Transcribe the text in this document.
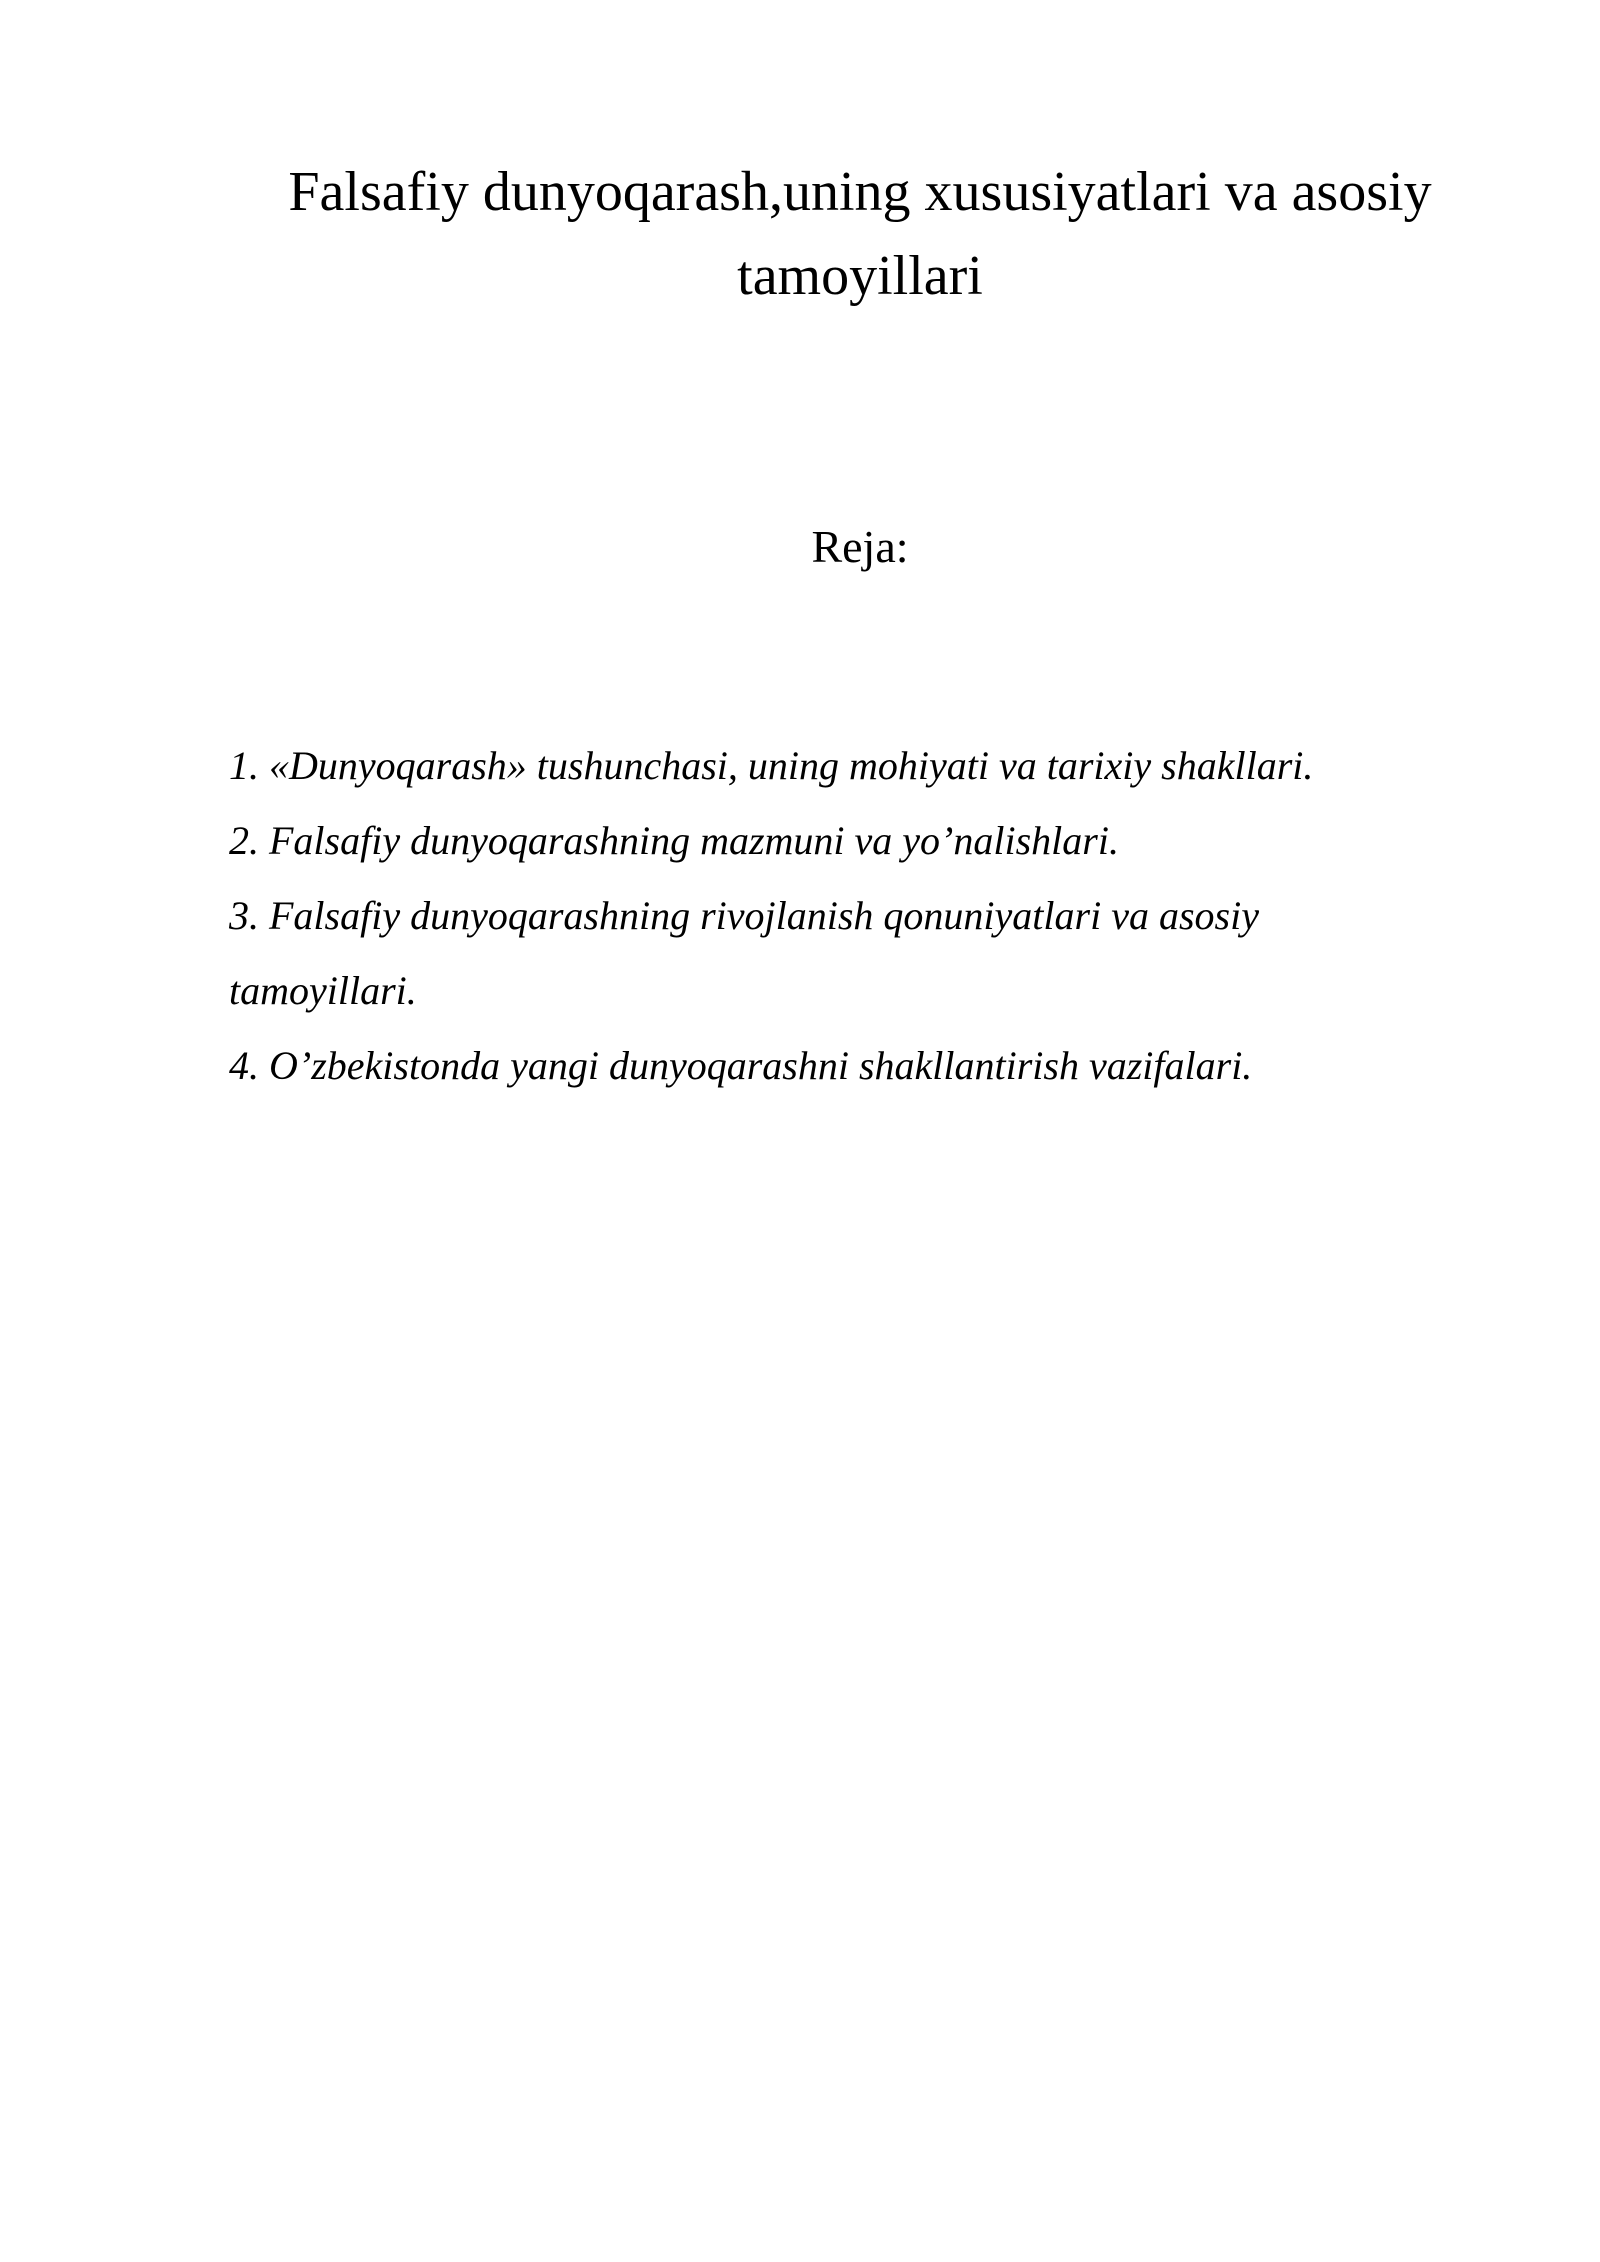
Falsafiy dunyoqarash,uning xususiyatlari va asosiy
tamoyillari
Reja:
1. «Dunyoqarash» tushunchasi, uning mohiyati va tarixiy shakllari.
2. Falsafiy dunyoqarashning mazmuni va yo’nalishlari.
3. Falsafiy dunyoqarashning rivojlanish qonuniyatlari va asosiy
tamoyillari.
4. O’zbekistonda yangi dunyoqarashni shakllantirish vazifalari.
